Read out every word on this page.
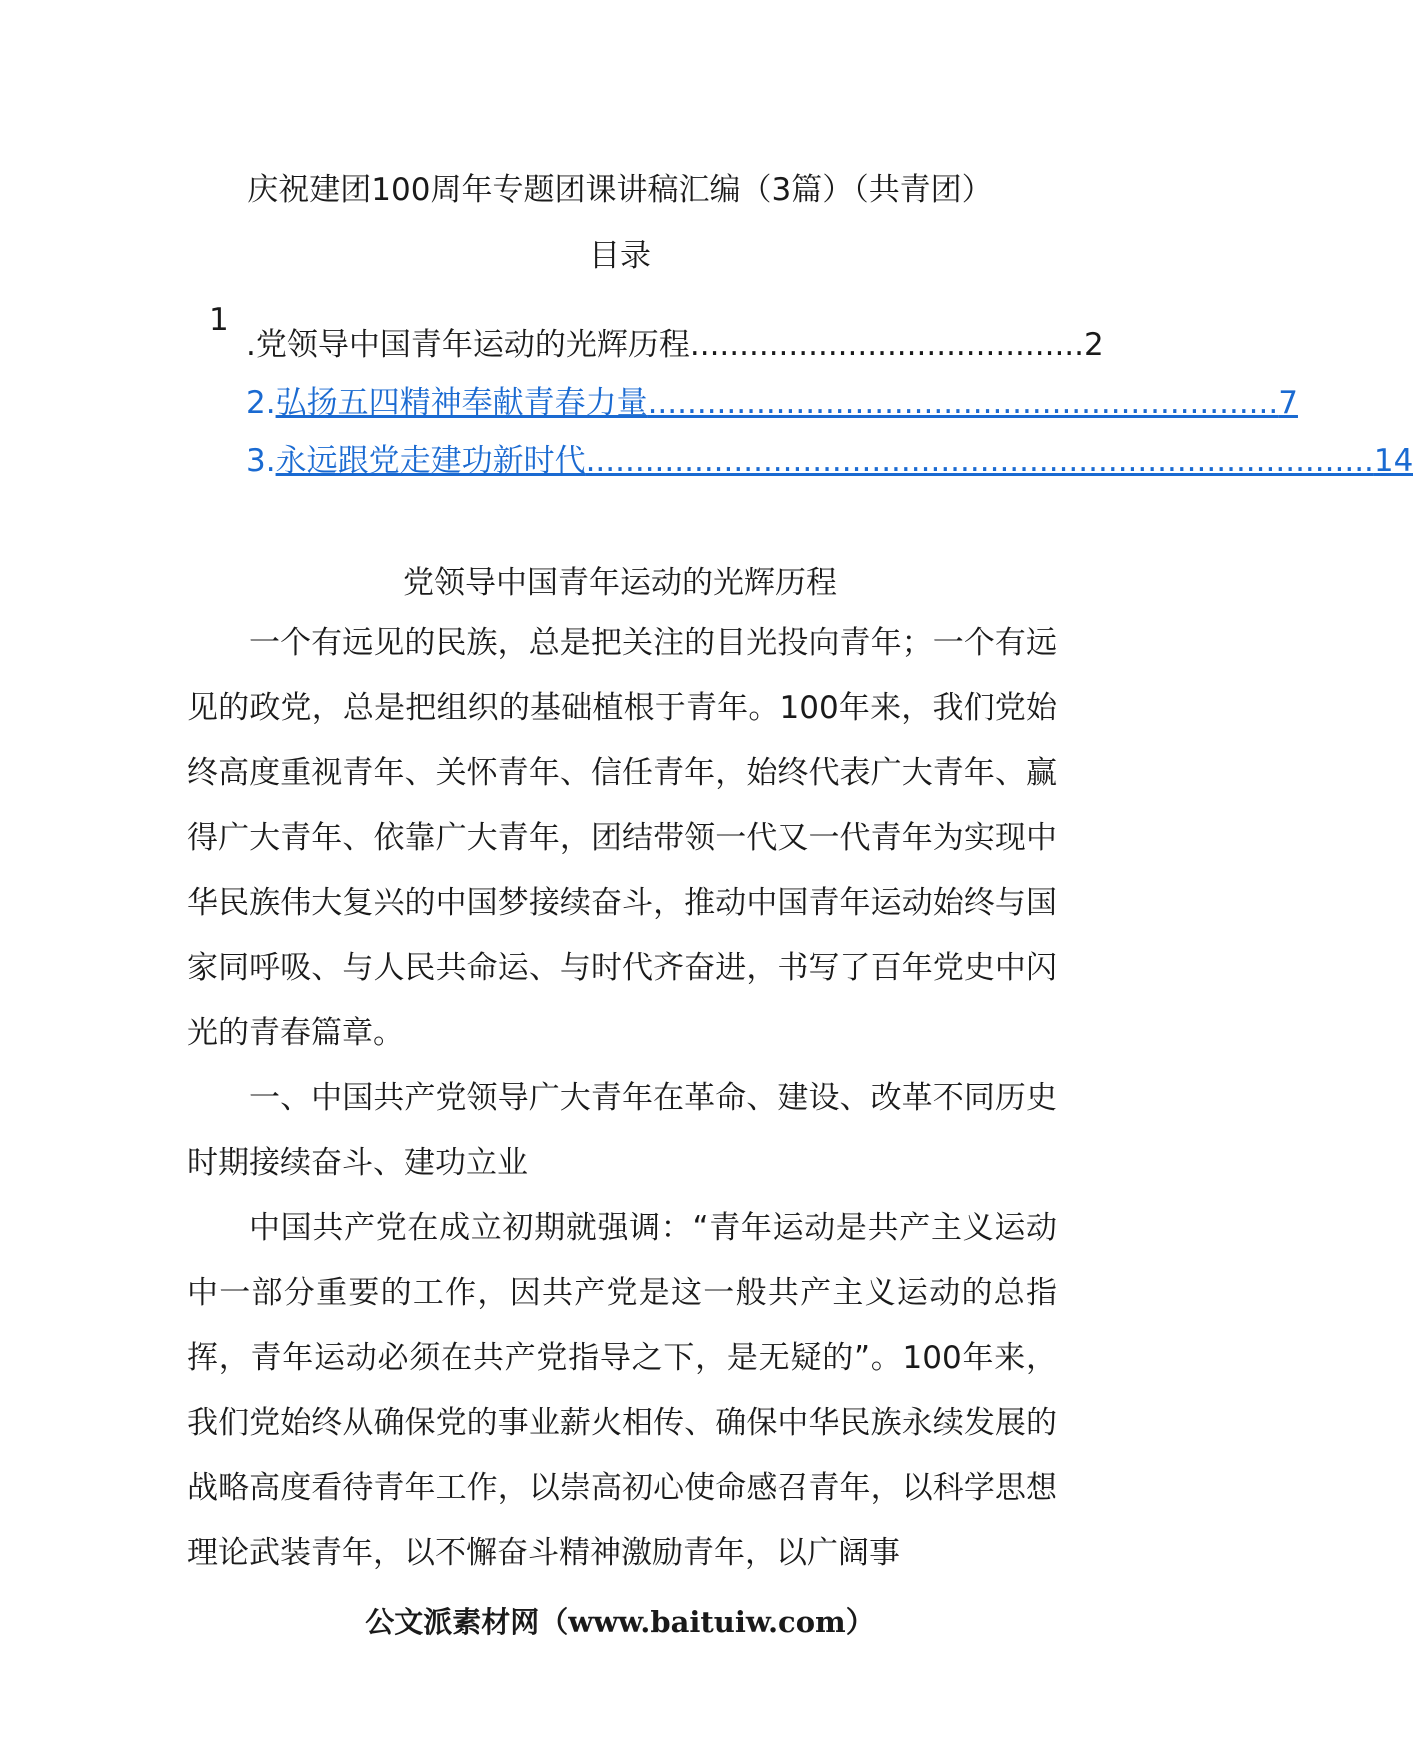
庆祝建团100周年专题团课讲稿汇编（3篇）（共青团）
目录
1
.党领导中国青年运动的光辉历程 ........................................ 2
2.弘扬五四精神奉献青春力量 ................................................................ 7
3.永远跟党走建功新时代 ................................................................................ 14
党领导中国青年运动的光辉历程

一个有远见的民族，总是把关注的目光投向青年；一个有远见的政党，总是把组织的基础植根于青年。100年来，我们党始终高度重视青年、关怀青年、信任青年，始终代表广大青年、赢得广大青年、依靠广大青年，团结带领一代又一代青年为实现中华民族伟大复兴的中国梦接续奋斗，推动中国青年运动始终与国家同呼吸、与人民共命运、与时代齐奋进，书写了百年党史中闪光的青春篇章。

一、中国共产党领导广大青年在革命、建设、改革不同历史时期接续奋斗、建功立业

中国共产党在成立初期就强调：“青年运动是共产主义运动中一部分重要的工作，因共产党是这一般共产主义运动的总指挥，青年运动必须在共产党指导之下，是无疑的”。100年来，我们党始终从确保党的事业薪火相传、确保中华民族永续发展的战略高度看待青年工作，以崇高初心使命感召青年，以科学思想理论武装青年，以不懈奋斗精神激励青年，以广阔事

公文派素材网（www.baituiw.com）
